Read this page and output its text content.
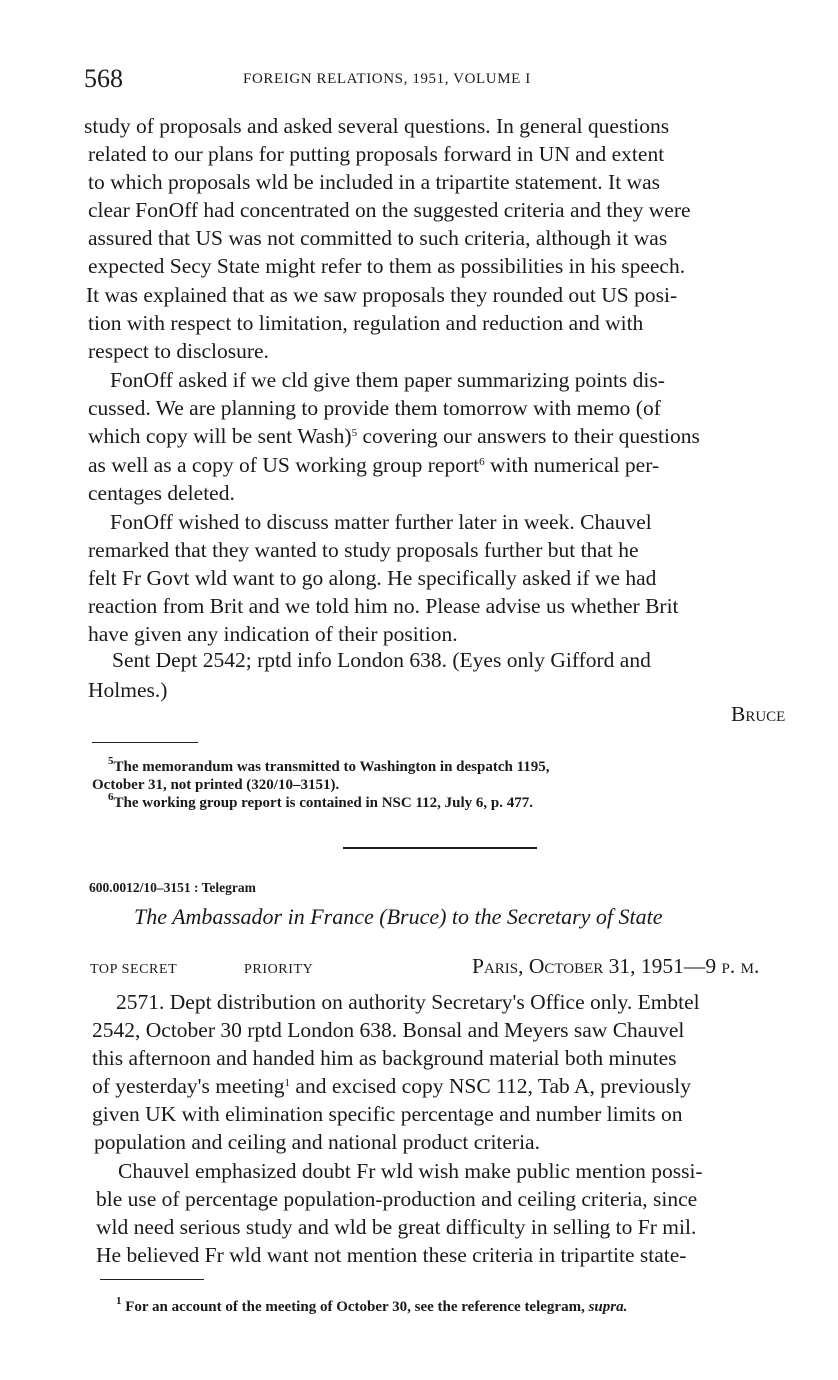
568	FOREIGN RELATIONS, 1951, VOLUME I
study of proposals and asked several questions. In general questions
related to our plans for putting proposals forward in UN and extent
to which proposals wld be included in a tripartite statement. It was
clear FonOff had concentrated on the suggested criteria and they were
assured that US was not committed to such criteria, although it was
expected Secy State might refer to them as possibilities in his speech.
It was explained that as we saw proposals they rounded out US posi-
tion with respect to limitation, regulation and reduction and with
respect to disclosure.
FonOff asked if we cld give them paper summarizing points dis-
cussed. We are planning to provide them tomorrow with memo (of
which copy will be sent Wash)$^5$ covering our answers to their questions
as well as a copy of US working group report$^6$ with numerical per-
centages deleted.
FonOff wished to discuss matter further later in week. Chauvel
remarked that they wanted to study proposals further but that he
felt Fr Govt wld want to go along. He specifically asked if we had
reaction from Brit and we told him no. Please advise us whether Brit
have given any indication of their position.
Sent Dept 2542; rptd info London 638. (Eyes only Gifford and
Holmes.)
Bruce
$^5$The memorandum was transmitted to Washington in despatch 1195,
October 31, not printed (320/10–3151).
$^6$The working group report is contained in NSC 112, July 6, p. 477.
600.0012/10–3151 : Telegram
The Ambassador in France (Bruce) to the Secretary of State
TOP SECRET	PRIORITY	Paris, October 31, 1951—9 p. m.
2571. Dept distribution on authority Secretary's Office only. Embtel
2542, October 30 rptd London 638. Bonsal and Meyers saw Chauvel
this afternoon and handed him as background material both minutes
of yesterday's meeting$^1$ and excised copy NSC 112, Tab A, previously
given UK with elimination specific percentage and number limits on
population and ceiling and national product criteria.
Chauvel emphasized doubt Fr wld wish make public mention possi-
ble use of percentage population-production and ceiling criteria, since
wld need serious study and wld be great difficulty in selling to Fr mil.
He believed Fr wld want not mention these criteria in tripartite state-
$^1$ For an account of the meeting of October 30, see the reference telegram, supra.
